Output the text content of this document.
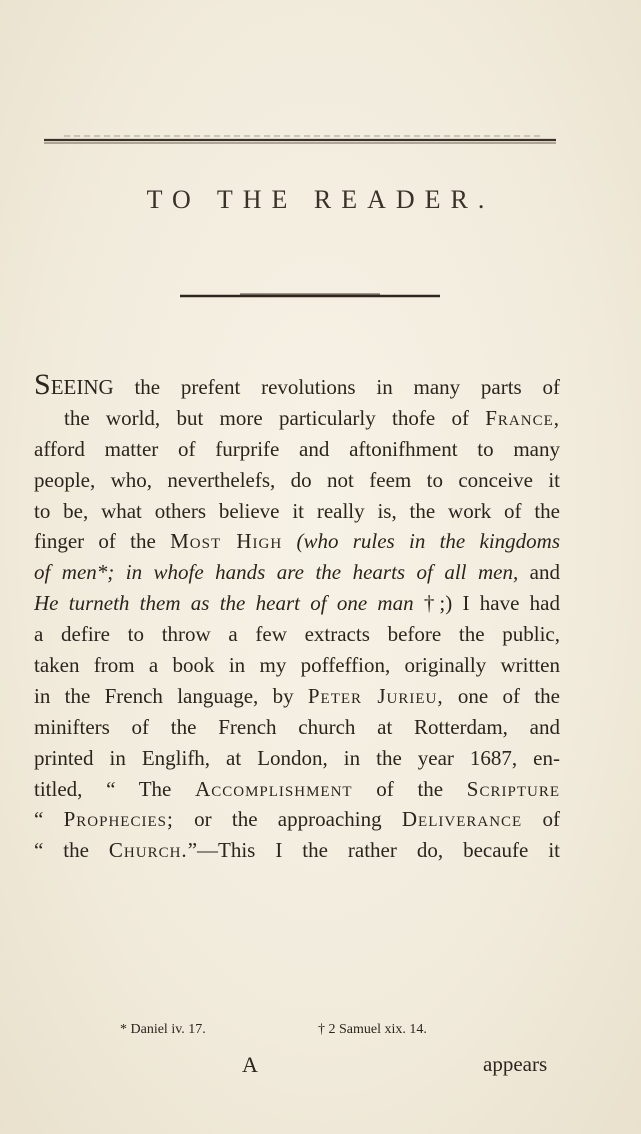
TO THE READER.
SEEING the prefent revolutions in many parts of
the world, but more particularly thofe of France,
afford matter of furprife and aftonifhment to many
people, who, neverthelefs, do not feem to conceive it
to be, what others believe it really is, the work of the
finger of the Most High (who rules in the kingdoms
of men*; in whofe hands are the hearts of all men, and
He turneth them as the heart of one man †;) I have had
a defire to throw a few extracts before the public,
taken from a book in my poffeffion, originally written
in the French language, by Peter Jurieu, one of the
minifters of the French church at Rotterdam, and
printed in Englifh, at London, in the year 1687, en-
titled, “ The Accomplishment of the Scripture
“ Prophecies; or the approaching Deliverance of
“ the Church.”—This I the rather do, becaufe it
* Daniel iv. 17.	† 2 Samuel xix. 14.
A	appears
